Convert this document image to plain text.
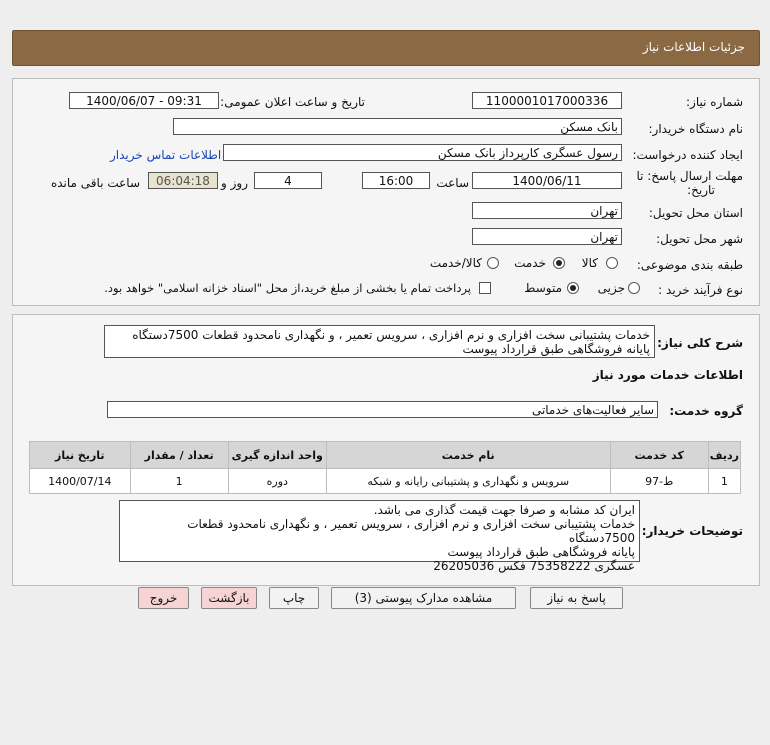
جزئیات اطلاعات نیاز
شماره نیاز:
1100001017000336
تاریخ و ساعت اعلان عمومی:
1400/06/07 - 09:31
نام دستگاه خریدار:
بانک مسکن
ایجاد کننده درخواست:
رسول عسگری کارپرداز بانک مسکن
اطلاعات تماس خریدار
مهلت ارسال پاسخ: تا
تاریخ:
1400/06/11
ساعت
16:00
4
روز و
06:04:18
ساعت باقی مانده
استان محل تحویل:
تهران
شهر محل تحویل:
تهران
طبقه بندی موضوعی:
کالا
خدمت
کالا/خدمت
نوع فرآیند خرید :
جزیی
متوسط
پرداخت تمام یا بخشی از مبلغ خرید،از محل "اسناد خزانه اسلامی" خواهد بود.
شرح کلی نیاز:
خدمات پشتیبانی سخت افزاری و نرم افزاری ، سرویس تعمیر ، و نگهداری نامحدود قطعات 7500دستگاه پایانه فروشگاهی طبق قرارداد پیوست
اطلاعات خدمات مورد نیاز
گروه خدمت:
سایر فعالیت‌های خدماتی
ردیف	کد خدمت	نام خدمت	واحد اندازه گیری	تعداد / مقدار	تاریخ نیاز
1	ط-97	سرویس و نگهداری و پشتیبانی رایانه و شبکه	دوره	1	1400/07/14
توضیحات خریدار:
ایران کد مشابه و صرفا جهت قیمت گذاری می باشد.
خدمات پشتیبانی سخت افزاری و نرم افزاری ، سرویس تعمیر ، و نگهداری نامحدود قطعات 7500دستگاه
پایانه فروشگاهی طبق قرارداد پیوست
عسگری 75358222 فکس 26205036
پاسخ به نیاز
مشاهده مدارک پیوستی (3)
چاپ
بازگشت
خروج
